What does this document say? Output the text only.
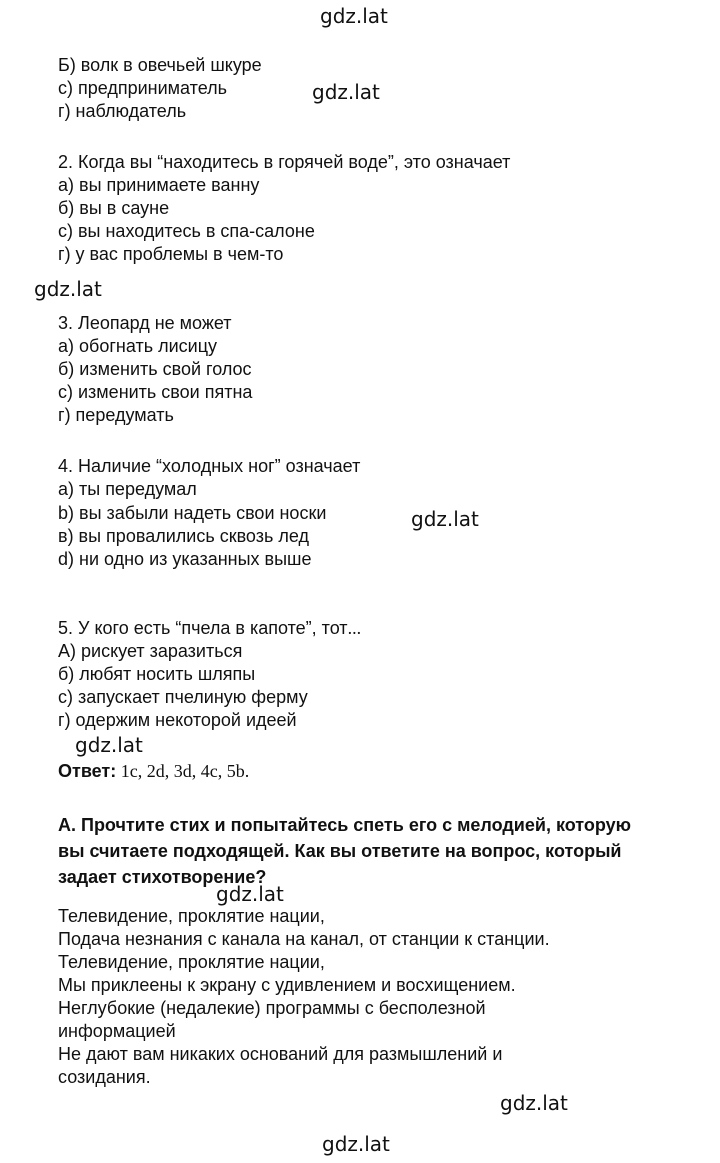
gdz.lat
gdz.lat
gdz.lat
gdz.lat
gdz.lat
gdz.lat
gdz.lat
gdz.lat
Б) волк в овечьей шкуре
с) предприниматель
г) наблюдатель
2. Когда вы “находитесь в горячей воде”, это означает
а) вы принимаете ванну
б) вы в сауне
с) вы находитесь в спа-салоне
г) у вас проблемы в чем-то
3. Леопард не может
а) обогнать лисицу
б) изменить свой голос
с) изменить свои пятна
г) передумать
4. Наличие “холодных ног” означает
а) ты передумал
b) вы забыли надеть свои носки
в) вы провалились сквозь лед
d) ни одно из указанных выше
5. У кого есть “пчела в капоте”, тот...
А) рискует заразиться
б) любят носить шляпы
с) запускает пчелиную ферму
г) одержим некоторой идеей
Ответ: 1c, 2d, 3d, 4c, 5b.
А. Прочтите стих и попытайтесь спеть его с мелодией, которую вы считаете подходящей. Как вы ответите на вопрос, который задает стихотворение?
Телевидение, проклятие нации,
Подача незнания с канала на канал, от станции к станции.
Телевидение, проклятие нации,
Мы приклеены к экрану с удивлением и восхищением.
Неглубокие (недалекие) программы с бесполезной информацией
Не дают вам никаких оснований для размышлений и созидания.
